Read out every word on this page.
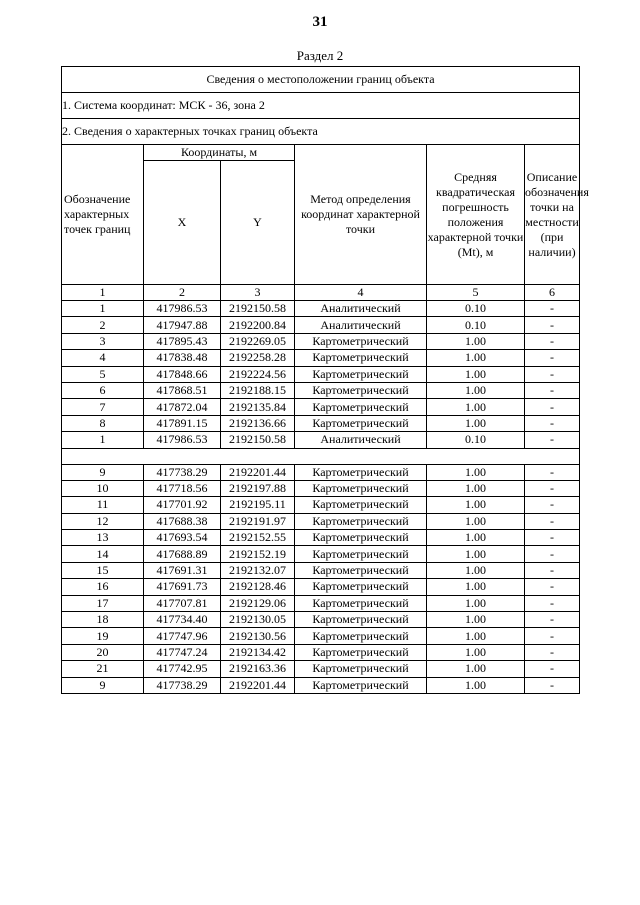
31
Раздел 2
Сведения о местоположении границ объекта					
1. Система координат: МСК - 36, зона 2					
2. Сведения о характерных точках границ объекта					
Обозначение характерных точек границ	Координаты, м		Метод определения координат характерной точки	Средняя квадратическая погрешность положения характерной точки (Mt), м	Описание обозначения точки на местности (при наличии)
	X	Y			
1	2	3	4	5	6
1	417986.53	2192150.58	Аналитический	0.10	-
2	417947.88	2192200.84	Аналитический	0.10	-
3	417895.43	2192269.05	Картометрический	1.00	-
4	417838.48	2192258.28	Картометрический	1.00	-
5	417848.66	2192224.56	Картометрический	1.00	-
6	417868.51	2192188.15	Картометрический	1.00	-
7	417872.04	2192135.84	Картометрический	1.00	-
8	417891.15	2192136.66	Картометрический	1.00	-
1	417986.53	2192150.58	Аналитический	0.10	-

9	417738.29	2192201.44	Картометрический	1.00	-
10	417718.56	2192197.88	Картометрический	1.00	-
11	417701.92	2192195.11	Картометрический	1.00	-
12	417688.38	2192191.97	Картометрический	1.00	-
13	417693.54	2192152.55	Картометрический	1.00	-
14	417688.89	2192152.19	Картометрический	1.00	-
15	417691.31	2192132.07	Картометрический	1.00	-
16	417691.73	2192128.46	Картометрический	1.00	-
17	417707.81	2192129.06	Картометрический	1.00	-
18	417734.40	2192130.05	Картометрический	1.00	-
19	417747.96	2192130.56	Картометрический	1.00	-
20	417747.24	2192134.42	Картометрический	1.00	-
21	417742.95	2192163.36	Картометрический	1.00	-
9	417738.29	2192201.44	Картометрический	1.00	-
